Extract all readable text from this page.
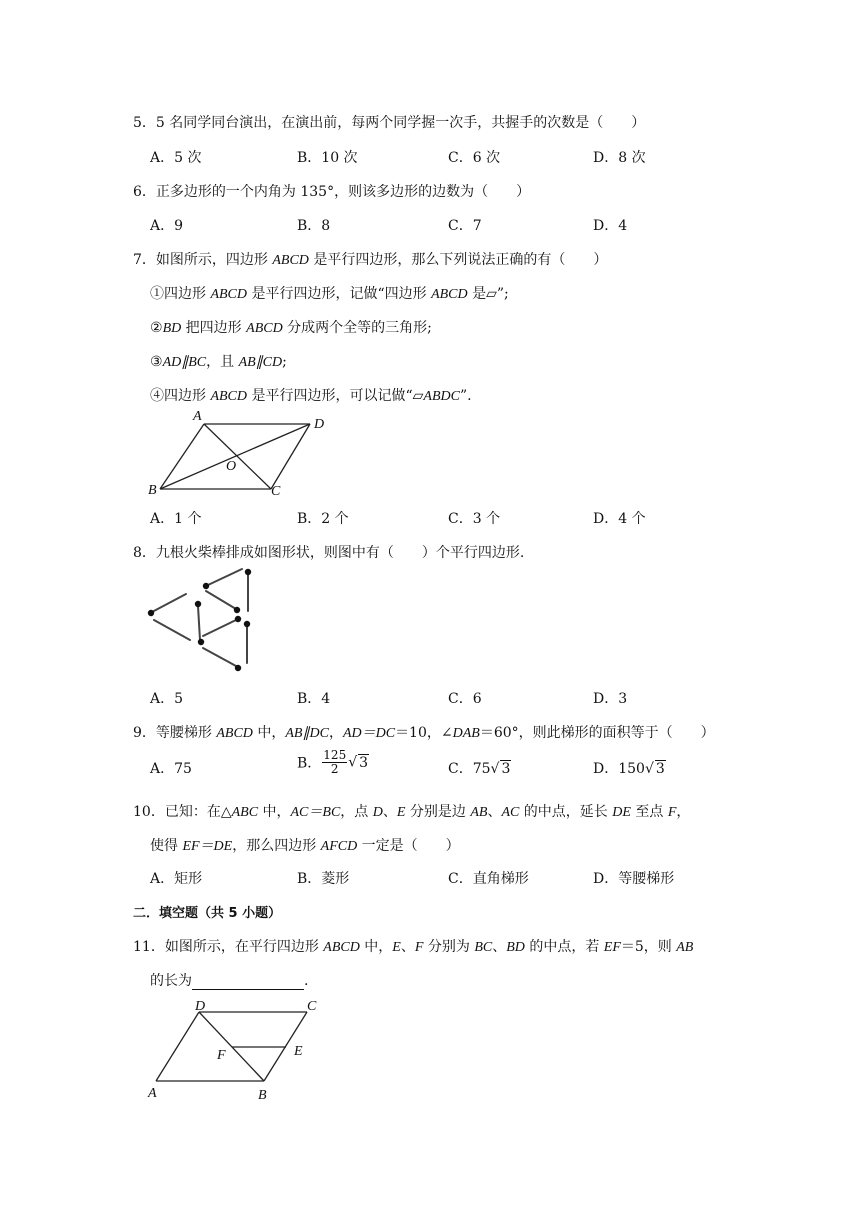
5．5 名同学同台演出，在演出前，每两个同学握一次手，共握手的次数是（　　）
A．5 次	B．10 次	C．6 次	D．8 次
6．正多边形的一个内角为 135°，则该多边形的边数为（　　）
A．9	B．8	C．7	D．4
7．如图所示，四边形 ABCD 是平行四边形，那么下列说法正确的有（　　）
①四边形 ABCD 是平行四边形，记做“四边形 ABCD 是▱”;
②BD 把四边形 ABCD 分成两个全等的三角形;
③AD∥BC，且 AB∥CD;
④四边形 ABCD 是平行四边形，可以记做“▱ABDC”.
A
D
O
B	C
A．1 个	B．2 个	C．3 个	D．4 个
8．九根火柴棒排成如图形状，则图中有（　　）个平行四边形.
A．5	B．4	C．6	D．3
9．等腰梯形 ABCD 中，AB∥DC，AD＝DC＝10，∠DAB＝60°，则此梯形的面积等于（　　）
A．75	B． $\frac{125}{2}$ √ 3	C．75√ 3	D．150√ 3
10．已知：在△ABC 中，AC＝BC，点 D、E 分别是边 AB、AC 的中点，延长 DE 至点 F，
使得 EF＝DE，那么四边形 AFCD 一定是（　　）
A．矩形	B．菱形	C．直角梯形	D．等腰梯形
二．填空题（共 5 小题）
11．如图所示，在平行四边形 ABCD 中，E、F 分别为 BC、BD 的中点，若 EF＝5，则 AB
的长为	.
D	C
F	E
A	B
